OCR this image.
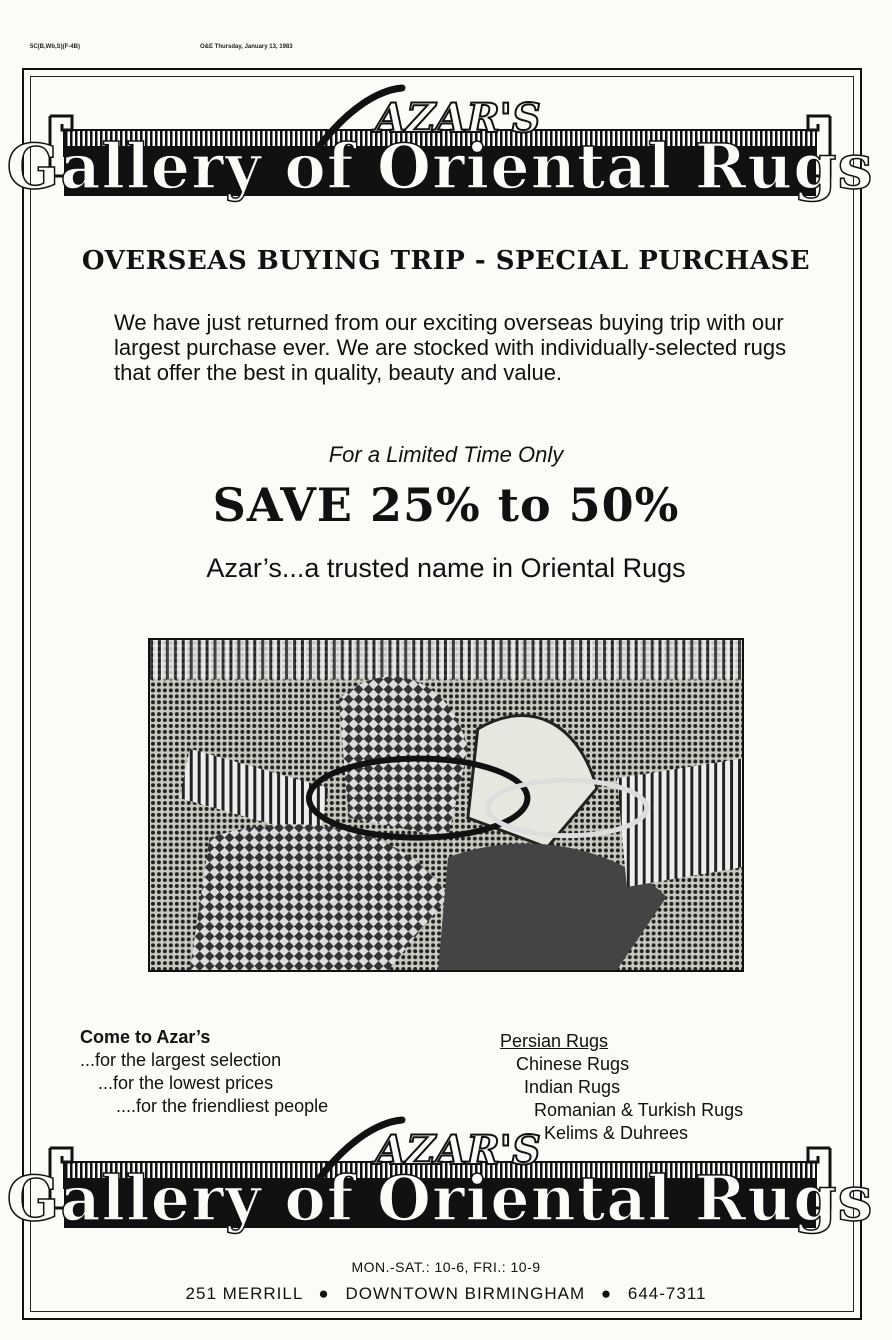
5C(B,Wb,S)(F-4B)	O&E Thursday, January 13, 1983
Gallery of Oriental Rugs
AZAR'S
OVERSEAS BUYING TRIP - SPECIAL PURCHASE
We have just returned from our exciting overseas buying trip with our largest purchase ever. We are stocked with individually-selected rugs that offer the best in quality, beauty and value.
For a Limited Time Only
SAVE 25% to 50%
Azar’s...a trusted name in Oriental Rugs
Come to Azar’s
...for the largest selection
...for the lowest prices
....for the friendliest people
Persian Rugs
Chinese Rugs
Indian Rugs
Romanian & Turkish Rugs
Kelims & Duhrees
Gallery of Oriental Rugs
AZAR'S
MON.-SAT.: 10-6, FRI.: 10-9
251 MERRILL ● DOWNTOWN BIRMINGHAM ● 644-7311
